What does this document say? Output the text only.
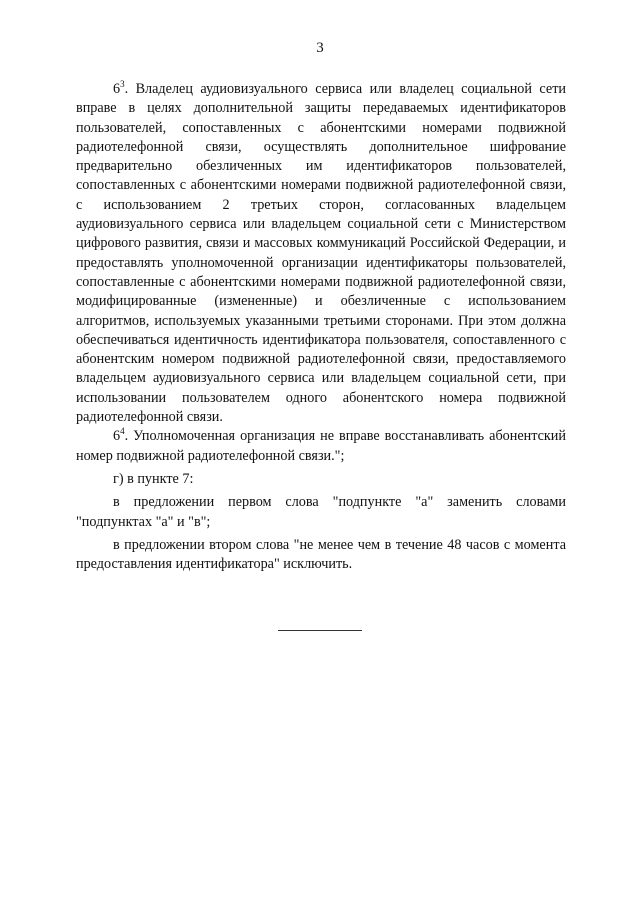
3

$6^3$. Владелец аудиовизуального сервиса или владелец социальной сети вправе в целях дополнительной защиты передаваемых идентификаторов пользователей, сопоставленных с абонентскими номерами подвижной радиотелефонной связи, осуществлять дополнительное шифрование предварительно обезличенных им идентификаторов пользователей, сопоставленных с абонентскими номерами подвижной радиотелефонной связи, с использованием 2 третьих сторон, согласованных владельцем аудиовизуального сервиса или владельцем социальной сети с Министерством цифрового развития, связи и массовых коммуникаций Российской Федерации, и предоставлять уполномоченной организации идентификаторы пользователей, сопоставленные с абонентскими номерами подвижной радиотелефонной связи, модифицированные (измененные) и обезличенные с использованием алгоритмов, используемых указанными третьими сторонами. При этом должна обеспечиваться идентичность идентификатора пользователя, сопоставленного с абонентским номером подвижной радиотелефонной связи, предоставляемого владельцем аудиовизуального сервиса или владельцем социальной сети, при использовании пользователем одного абонентского номера подвижной радиотелефонной связи.

$6^4$. Уполномоченная организация не вправе восстанавливать абонентский номер подвижной радиотелефонной связи.";

г) в пункте 7:

в предложении первом слова "подпункте "а" заменить словами "подпунктах "а" и "в";

в предложении втором слова "не менее чем в течение 48 часов с момента предоставления идентификатора" исключить.
